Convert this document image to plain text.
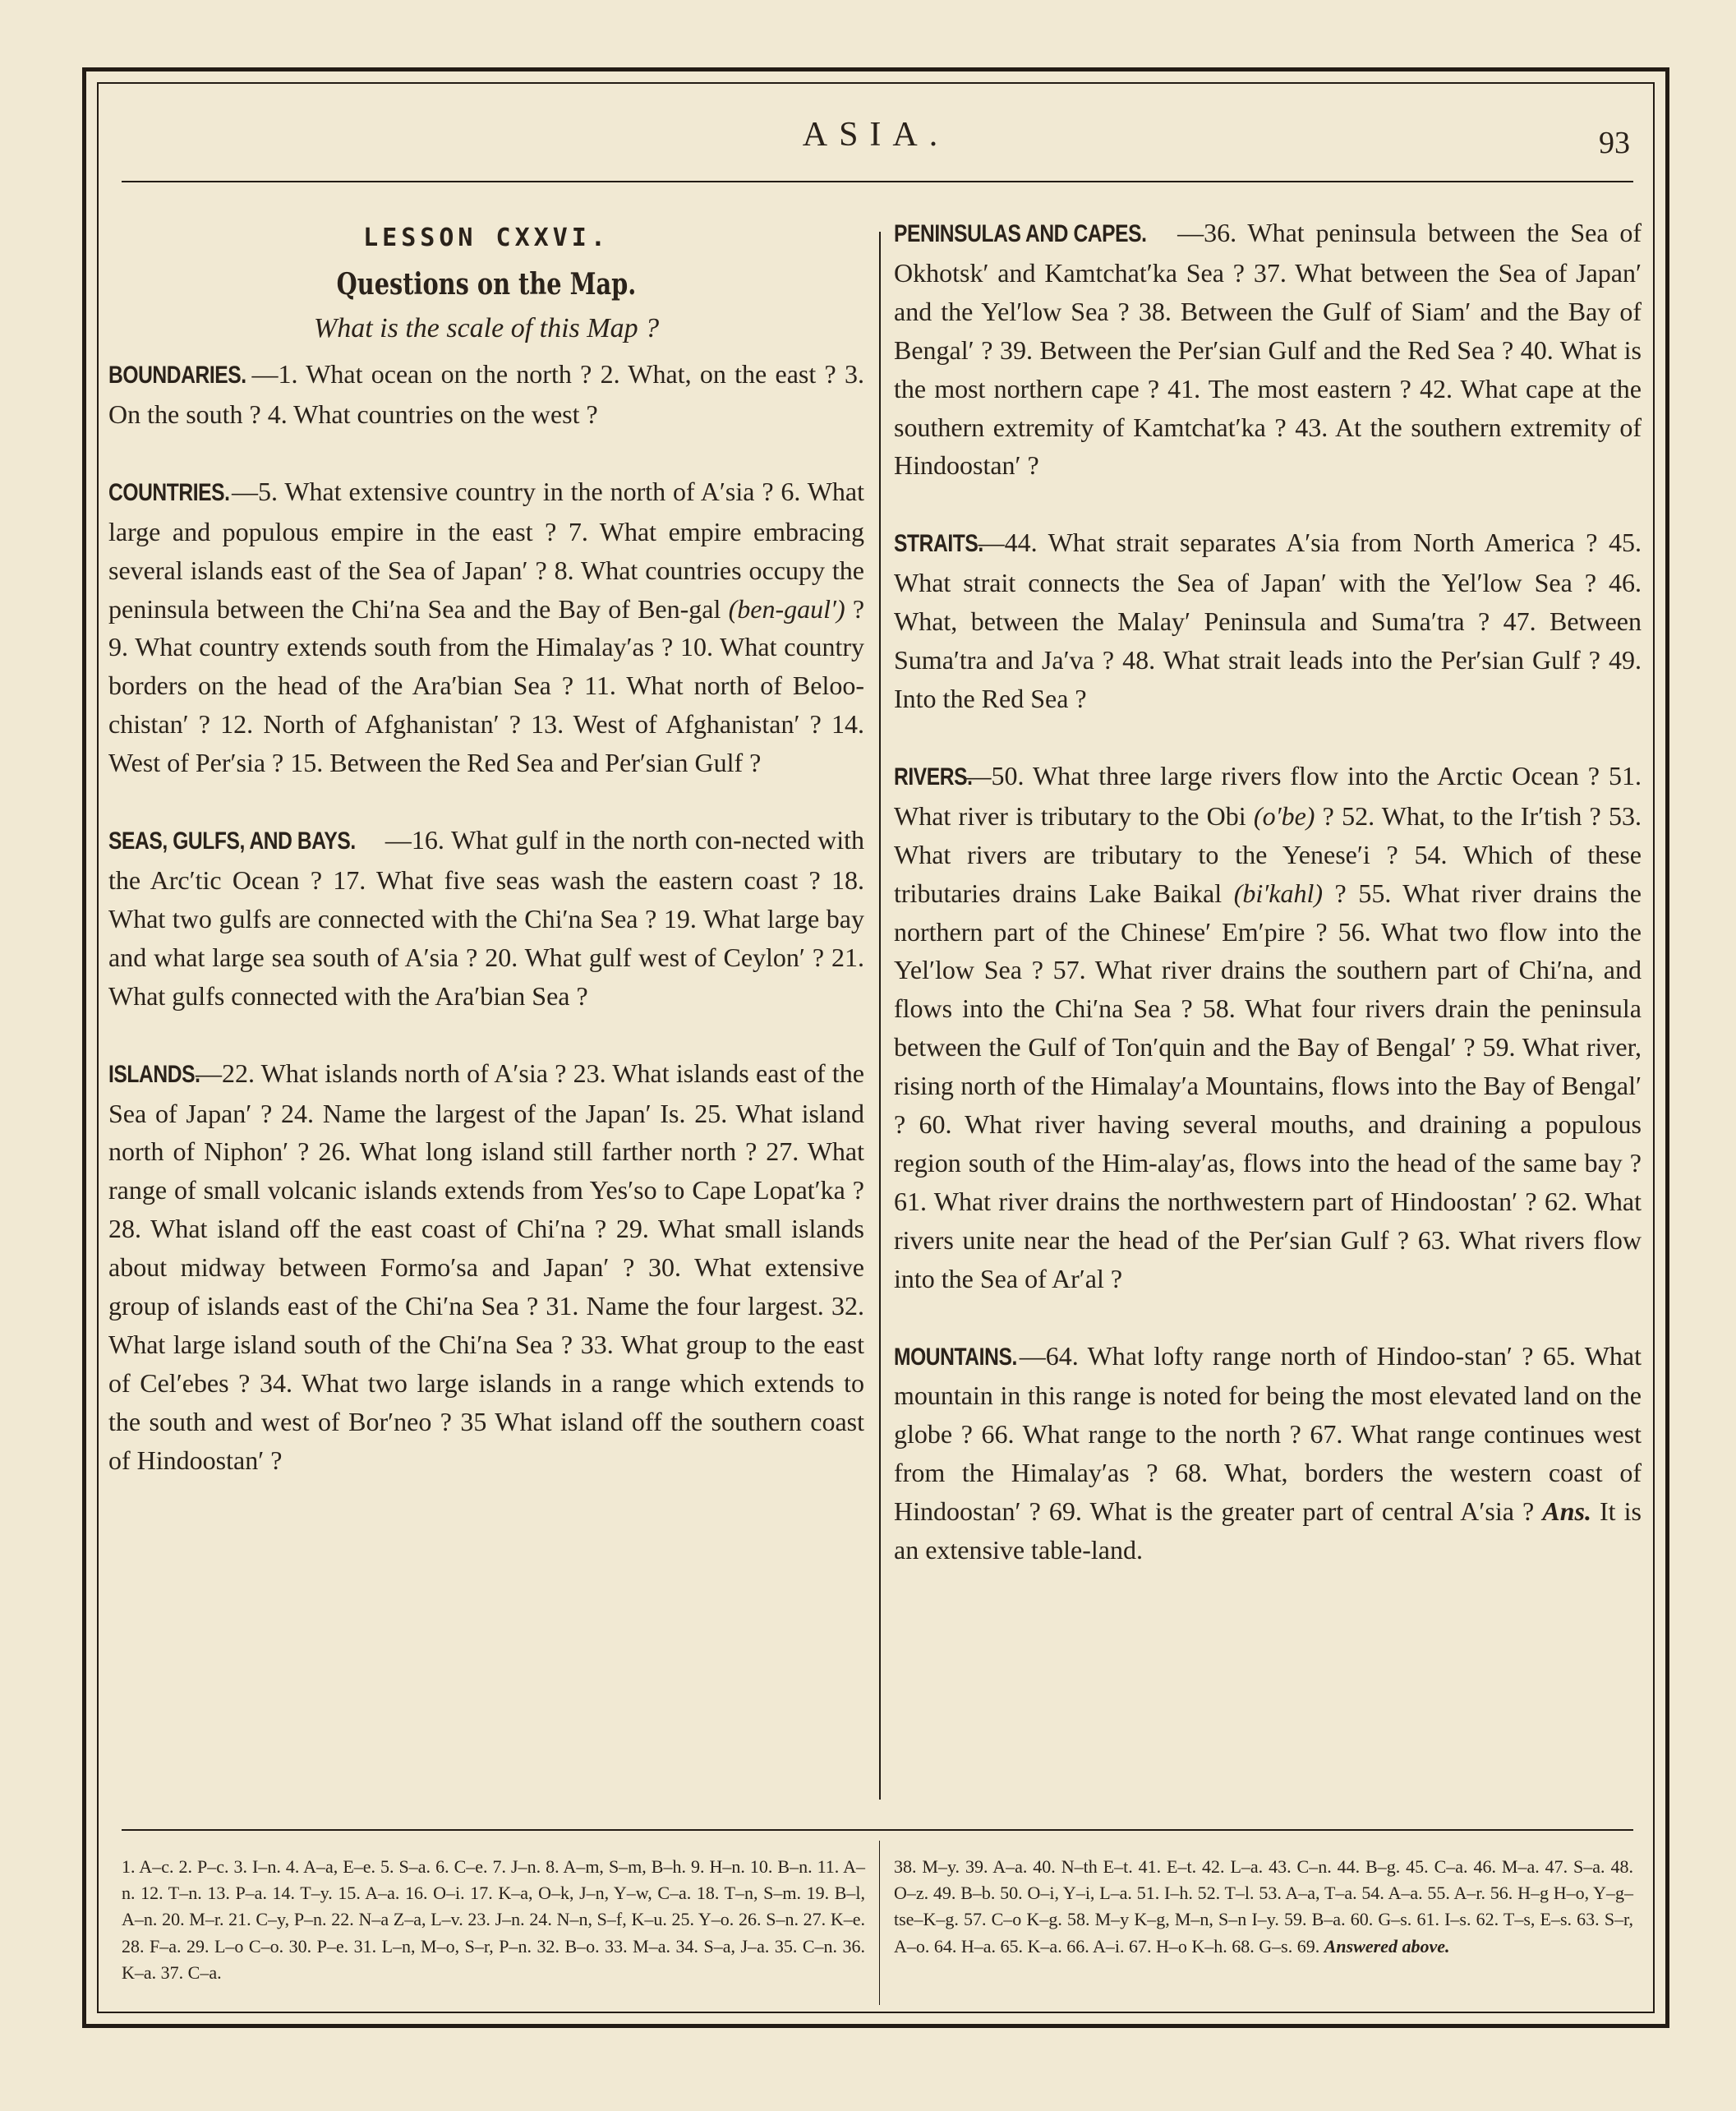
ASIA.	93
LESSON CXXVI.
Questions on the Map.
What is the scale of this Map ?

BOUNDARIES. —1. What ocean on the north ? 2. What, on the east ? 3. On the south ? 4. What countries on the west ?

COUNTRIES.—5. What extensive country in the north of A′sia ? 6. What large and populous empire in the east ? 7. What empire embracing several islands east of the Sea of Japan′ ? 8. What countries occupy the peninsula between the Chi′na Sea and the Bay of Ben-gal (ben-gaul′) ? 9. What country extends south from the Himalay′as ? 10. What country borders on the head of the Ara′bian Sea ? 11. What north of Beloo-chistan′ ? 12. North of Afghanistan′ ? 13. West of Afghanistan′ ? 14. West of Per′sia ? 15. Between the Red Sea and Per′sian Gulf ?

SEAS, GULFS, AND BAYS. —16. What gulf in the north con-nected with the Arc′tic Ocean ? 17. What five seas wash the eastern coast ? 18. What two gulfs are connected with the Chi′na Sea ? 19. What large bay and what large sea south of A′sia ? 20. What gulf west of Ceylon′ ? 21. What gulfs connected with the Ara′bian Sea ?

ISLANDS.—22. What islands north of A′sia ? 23. What islands east of the Sea of Japan′ ? 24. Name the largest of the Japan′ Is. 25. What island north of Niphon′ ? 26. What long island still farther north ? 27. What range of small volcanic islands extends from Yes′so to Cape Lopat′ka ? 28. What island off the east coast of Chi′na ? 29. What small islands about midway between Formo′sa and Japan′ ? 30. What extensive group of islands east of the Chi′na Sea ? 31. Name the four largest. 32. What large island south of the Chi′na Sea ? 33. What group to the east of Cel′ebes ? 34. What two large islands in a range which extends to the south and west of Bor′neo ? 35 What island off the southern coast of Hindoostan′ ?

PENINSULAS AND CAPES. —36. What peninsula between the Sea of Okhotsk′ and Kamtchat′ka Sea ? 37. What between the Sea of Japan′ and the Yel′low Sea ? 38. Between the Gulf of Siam′ and the Bay of Bengal′ ? 39. Between the Per′sian Gulf and the Red Sea ? 40. What is the most northern cape ? 41. The most eastern ? 42. What cape at the southern extremity of Kamtchat′ka ? 43. At the southern extremity of Hindoostan′ ?

STRAITS.—44. What strait separates A′sia from North America ? 45. What strait connects the Sea of Japan′ with the Yel′low Sea ? 46. What, between the Malay′ Peninsula and Suma′tra ? 47. Between Suma′tra and Ja′va ? 48. What strait leads into the Per′sian Gulf ? 49. Into the Red Sea ?

RIVERS.—50. What three large rivers flow into the Arctic Ocean ? 51. What river is tributary to the Obi (o′be) ? 52. What, to the Ir′tish ? 53. What rivers are tributary to the Yenese′i ? 54. Which of these tributaries drains Lake Baikal (bi′kahl) ? 55. What river drains the northern part of the Chinese′ Em′pire ? 56. What two flow into the Yel′low Sea ? 57. What river drains the southern part of Chi′na, and flows into the Chi′na Sea ? 58. What four rivers drain the peninsula between the Gulf of Ton′quin and the Bay of Bengal′ ? 59. What river, rising north of the Himalay′a Mountains, flows into the Bay of Bengal′ ? 60. What river having several mouths, and draining a populous region south of the Him-alay′as, flows into the head of the same bay ? 61. What river drains the northwestern part of Hindoostan′ ? 62. What rivers unite near the head of the Per′sian Gulf ? 63. What rivers flow into the Sea of Ar′al ?

MOUNTAINS.—64. What lofty range north of Hindoo-stan′ ? 65. What mountain in this range is noted for being the most elevated land on the globe ? 66. What range to the north ? 67. What range continues west from the Himalay′as ? 68. What, borders the western coast of Hindoostan′ ? 69. What is the greater part of central A′sia ? Ans. It is an extensive table-land.

1. A–c. 2. P–c. 3. I–n. 4. A–a, E–e. 5. S–a. 6. C–e. 7. J–n. 8. A–m, S–m, B–h. 9. H–n. 10. B–n. 11. A–n. 12. T–n. 13. P–a. 14. T–y. 15. A–a. 16. O–i. 17. K–a, O–k, J–n, Y–w, C–a. 18. T–n, S–m. 19. B–l, A–n. 20. M–r. 21. C–y, P–n. 22. N–a Z–a, L–v. 23. J–n. 24. N–n, S–f, K–u. 25. Y–o. 26. S–n. 27. K–e. 28. F–a. 29. L–o C–o. 30. P–e. 31. L–n, M–o, S–r, P–n. 32. B–o. 33. M–a. 34. S–a, J–a. 35. C–n. 36. K–a. 37. C–a.
38. M–y. 39. A–a. 40. N–th E–t. 41. E–t. 42. L–a. 43. C–n. 44. B–g. 45. C–a. 46. M–a. 47. S–a. 48. O–z. 49. B–b. 50. O–i, Y–i, L–a. 51. I–h. 52. T–l. 53. A–a, T–a. 54. A–a. 55. A–r. 56. H–g H–o, Y–g–tse–K–g. 57. C–o K–g. 58. M–y K–g, M–n, S–n I–y. 59. B–a. 60. G–s. 61. I–s. 62. T–s, E–s. 63. S–r, A–o. 64. H–a. 65. K–a. 66. A–i. 67. H–o K–h. 68. G–s. 69. Answered above.
